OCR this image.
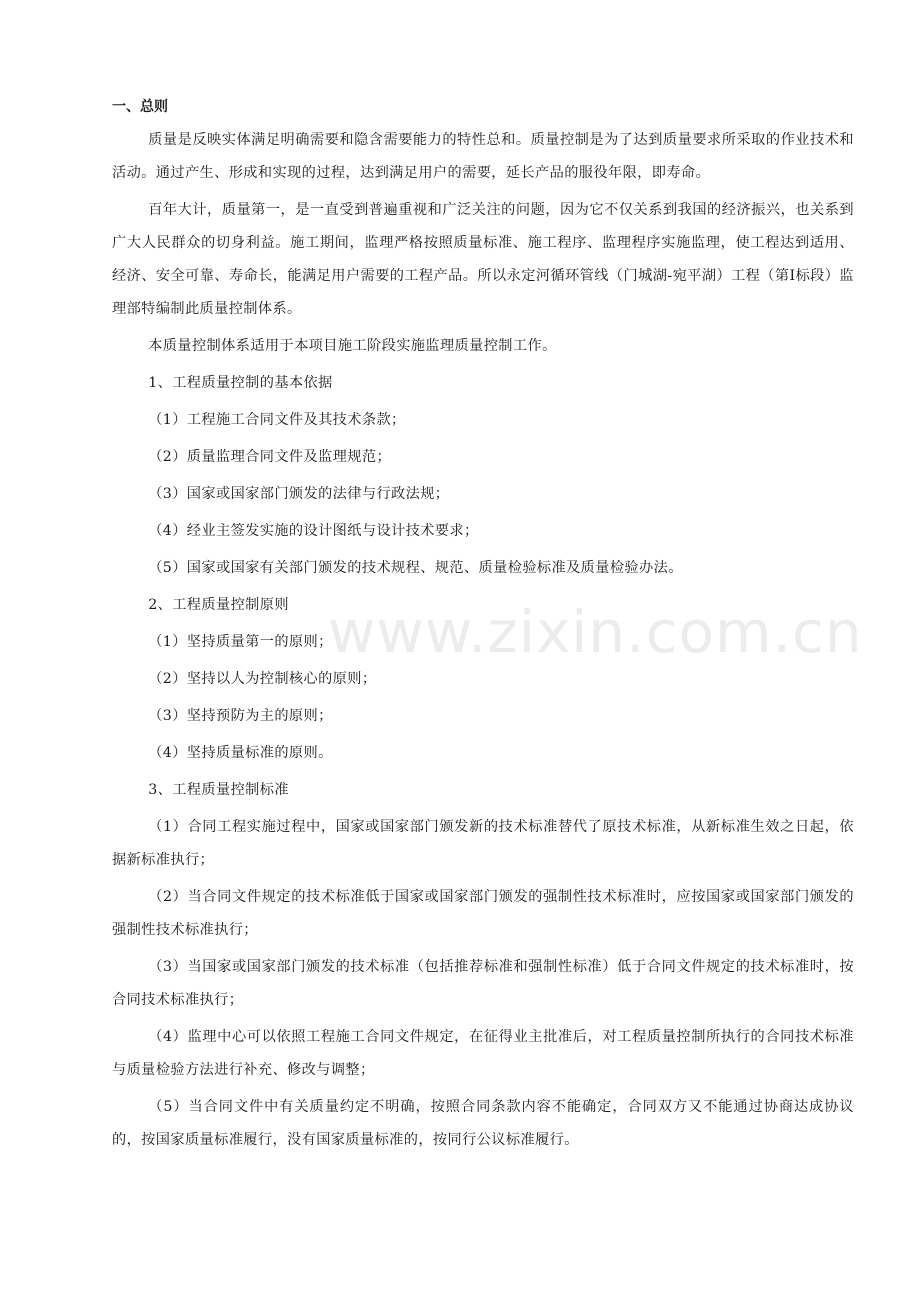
一、总则

质量是反映实体满足明确需要和隐含需要能力的特性总和。质量控制是为了达到质量要求所采取的作业技术和活动。通过产生、形成和实现的过程，达到满足用户的需要，延长产品的服役年限，即寿命。

百年大计，质量第一，是一直受到普遍重视和广泛关注的问题，因为它不仅关系到我国的经济振兴，也关系到广大人民群众的切身利益。施工期间，监理严格按照质量标准、施工程序、监理程序实施监理，使工程达到适用、经济、安全可靠、寿命长，能满足用户需要的工程产品。所以永定河循环管线（门城湖-宛平湖）工程（第Ⅰ标段）监理部特编制此质量控制体系。

本质量控制体系适用于本项目施工阶段实施监理质量控制工作。

1、工程质量控制的基本依据

（1）工程施工合同文件及其技术条款；

（2）质量监理合同文件及监理规范；

（3）国家或国家部门颁发的法律与行政法规；

（4）经业主签发实施的设计图纸与设计技术要求；

（5）国家或国家有关部门颁发的技术规程、规范、质量检验标准及质量检验办法。

2、工程质量控制原则

（1）坚持质量第一的原则；

（2）坚持以人为控制核心的原则；

（3）坚持预防为主的原则；

（4）坚持质量标准的原则。

3、工程质量控制标准

（1）合同工程实施过程中，国家或国家部门颁发新的技术标准替代了原技术标准，从新标准生效之日起，依据新标准执行；

（2）当合同文件规定的技术标准低于国家或国家部门颁发的强制性技术标准时，应按国家或国家部门颁发的强制性技术标准执行；

（3）当国家或国家部门颁发的技术标准（包括推荐标准和强制性标准）低于合同文件规定的技术标准时，按合同技术标准执行；

（4）监理中心可以依照工程施工合同文件规定，在征得业主批准后，对工程质量控制所执行的合同技术标准与质量检验方法进行补充、修改与调整；

（5）当合同文件中有关质量约定不明确，按照合同条款内容不能确定，合同双方又不能通过协商达成协议的，按国家质量标准履行，没有国家质量标准的，按同行公议标准履行。

www.zixin.com.cn
